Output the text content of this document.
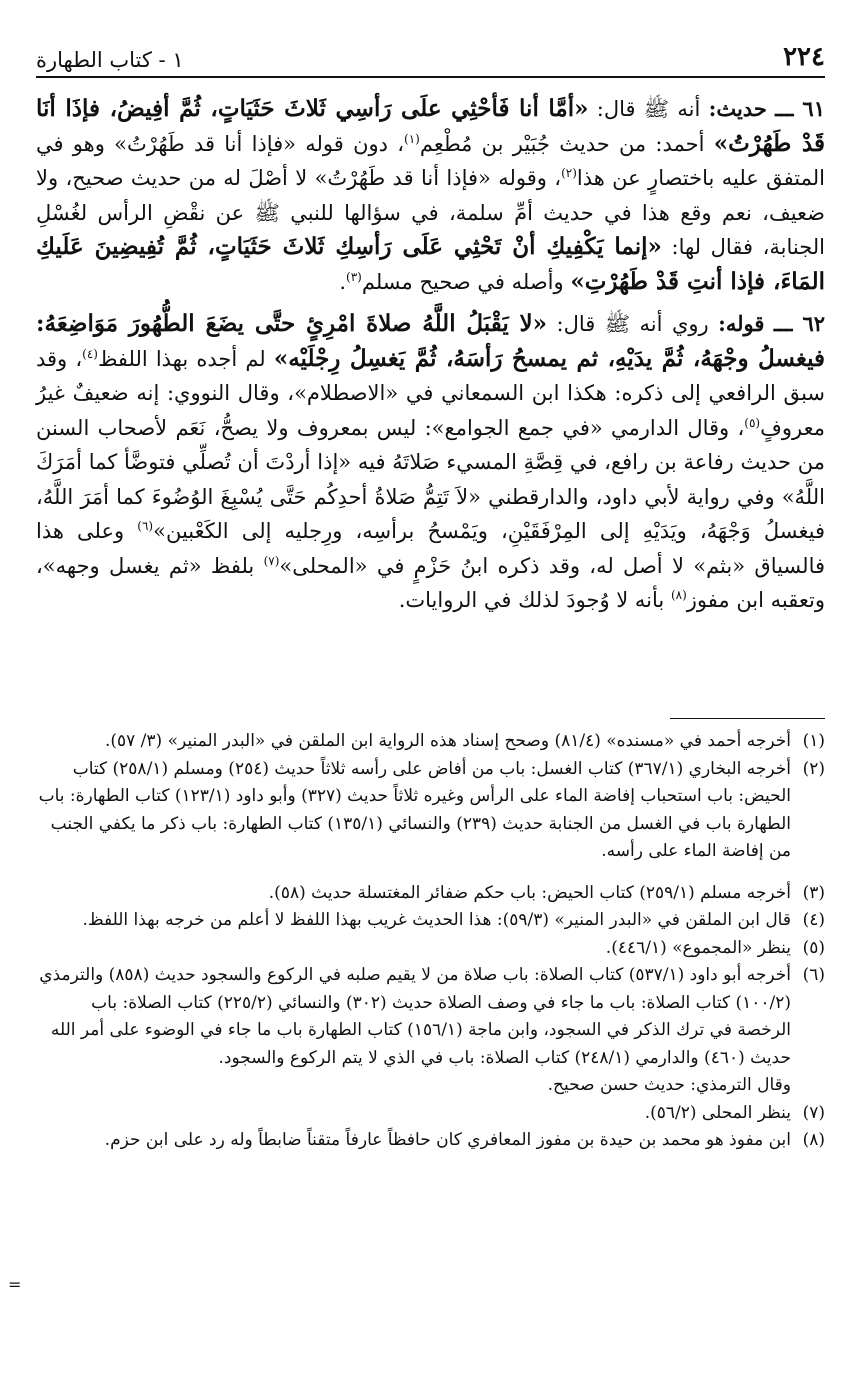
٢٢٤
١ - كتاب الطهارة

٦١ ـــ حديث: أنه ﷺ قال: «أمَّا أنا فَأحْثِي علَى رَأسِي ثَلاثَ حَثَيَاتٍ، ثُمَّ أفِيضُ، فإذَا أنَا قَدْ طَهُرْتُ» أحمد: من حديث جُبَيْر بن مُطْعِم$^{(١)}$، دون قوله «فإذا أنا قد طَهُرْتُ» وهو في المتفق عليه باختصارٍ عن هذا$^{(٢)}$، وقوله «فإذا أنا قد طَهُرْتُ» لا أصْلَ له من حديث صحيح، ولا ضعيف، نعم وقع هذا في حديث أمِّ سلمة، في سؤالها للنبي ﷺ عن نقْضِ الرأس لغُسْلِ الجنابة، فقال لها: «إنما يَكْفِيكِ أنْ تَحْثِي عَلَى رَأسِكِ ثَلاثَ حَثَيَاتٍ، ثُمَّ تُفِيضِينَ عَلَيكِ المَاءَ، فإذا أنتِ قَدْ طَهُرْتِ» وأصله في صحيح مسلم$^{(٣)}$.

٦٢ ـــ قوله: روي أنه ﷺ قال: «لا يَقْبَلُ اللَّهُ صلاةَ امْرِئٍ حتَّى يضَعَ الطُّهُورَ مَوَاضِعَهُ: فيغسلُ وجْهَهُ، ثُمَّ يدَيْهِ، ثم يمسحُ رَأسَهُ، ثُمَّ يَغسِلُ رِجْلَيْه» لم أجده بهذا اللفظ$^{(٤)}$، وقد سبق الرافعي إلى ذكره: هكذا ابن السمعاني في «الاصطلام»، وقال النووي: إنه ضعيفٌ غيرُ معروفٍ$^{(٥)}$، وقال الدارمي «في جمع الجوامع»: ليس بمعروف ولا يصحُّ، نَعَم لأصحاب السنن من حديث رفاعة بن رافع، في قِصَّةِ المسيء صَلاتَهُ فيه «إذا أردْتَ أن تُصلِّي فتوضَّأ كما أمَرَكَ اللَّهُ» وفي رواية لأبي داود، والدارقطني «لاَ تَتِمُّ صَلاةُ أحدِكُم حَتَّى يُسْبِغَ الوُضُوءَ كما أمَرَ اللَّهُ، فيغسلُ وَجْهَهُ، ويَدَيْهِ إلى المِرْفَقَيْنِ، ويَمْسحُ برأسِه، ورِجليه إلى الكَعْبين»$^{(٦)}$ وعلى هذا فالسياق «بثم» لا أصل له، وقد ذكره ابنُ حَزْمٍ في «المحلى»$^{(٧)}$ بلفظ «ثم يغسل وجهه»، وتعقبه ابن مفوز$^{(٨)}$ بأنه لا وُجودَ لذلك في الروايات.

(١)أخرجه أحمد في «مسنده» (٨١/٤) وصحح إسناد هذه الرواية ابن الملقن في «البدر المنير» (٣/ ٥٧).

(٢)أخرجه البخاري (٣٦٧/١) كتاب الغسل: باب من أفاض على رأسه ثلاثاً حديث (٢٥٤) ومسلم (٢٥٨/١) كتاب الحيض: باب استحباب إفاضة الماء على الرأس وغيره ثلاثاً حديث (٣٢٧) وأبو داود (١٢٣/١) كتاب الطهارة: باب الطهارة باب في الغسل من الجنابة حديث (٢٣٩) والنسائي (١٣٥/١) كتاب الطهارة: باب ذكر ما يكفي الجنب من إفاضة الماء على رأسه.

(٣)أخرجه مسلم (٢٥٩/١) كتاب الحيض: باب حكم ضفائر المغتسلة حديث (٥٨).

(٤)قال ابن الملقن في «البدر المنير» (٥٩/٣): هذا الحديث غريب بهذا اللفظ لا أعلم من خرجه بهذا اللفظ.

(٥)ينظر «المجموع» (٤٤٦/١).

(٦)أخرجه أبو داود (٥٣٧/١) كتاب الصلاة: باب صلاة من لا يقيم صلبه في الركوع والسجود حديث (٨٥٨) والترمذي (١٠٠/٢) كتاب الصلاة: باب ما جاء في وصف الصلاة حديث (٣٠٢) والنسائي (٢٢٥/٢) كتاب الصلاة: باب الرخصة في ترك الذكر في السجود، وابن ماجة (١٥٦/١) كتاب الطهارة باب ما جاء في الوضوء على أمر الله حديث (٤٦٠) والدارمي (٢٤٨/١) كتاب الصلاة: باب في الذي لا يتم الركوع والسجود.

وقال الترمذي: حديث حسن صحيح.

(٧)ينظر المحلى (٥٦/٢).

(٨)ابن مفوذ هو محمد بن حيدة بن مفوز المعافري كان حافظاً عارفاً متقناً ضابطاً وله رد على ابن حزم.

=
